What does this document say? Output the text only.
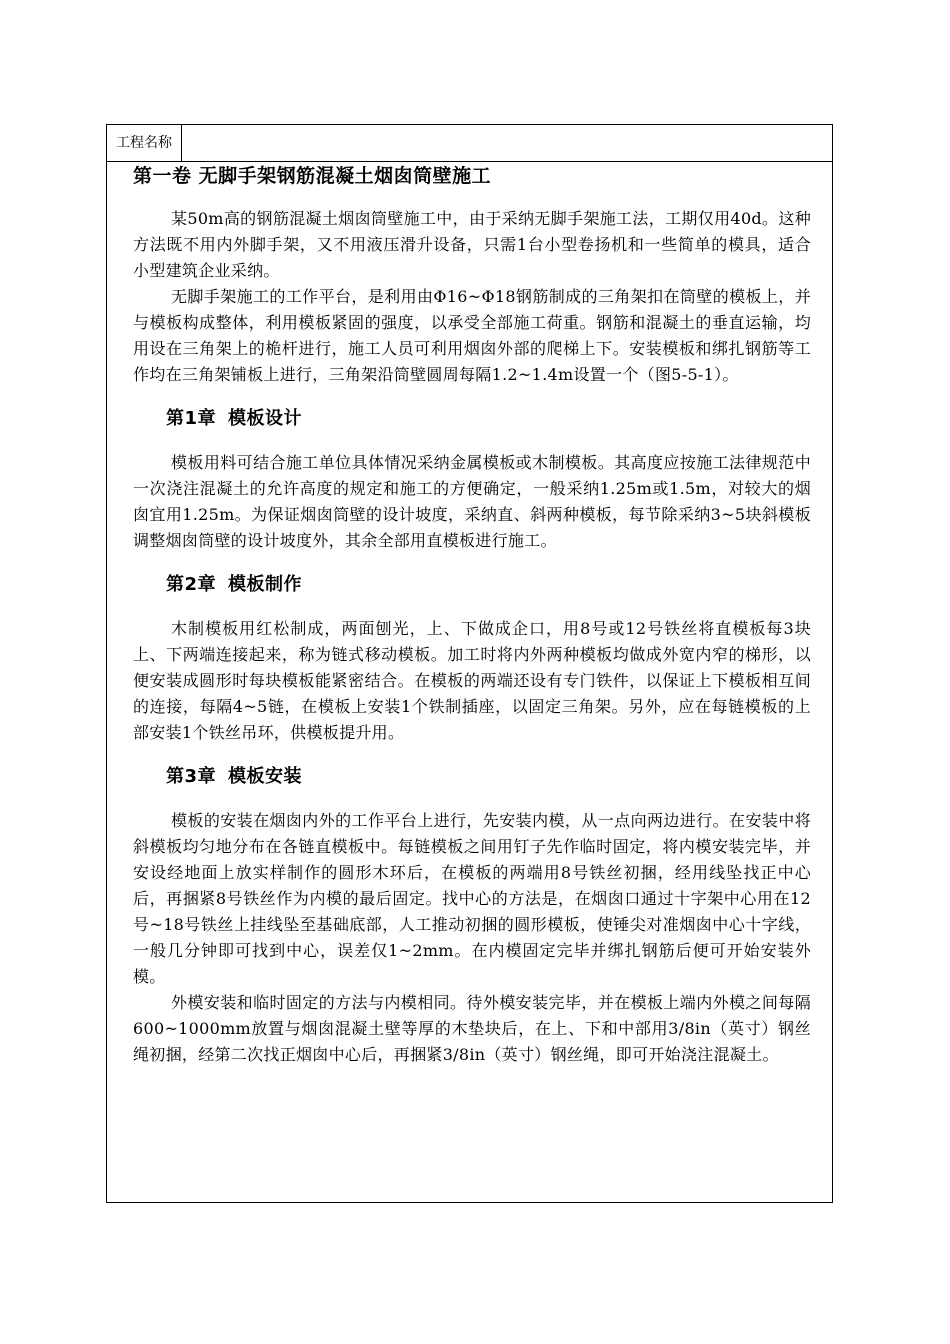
工程名称
第一卷 无脚手架钢筋混凝土烟囱筒壁施工

某50m高的钢筋混凝土烟囱筒壁施工中，由于采纳无脚手架施工法，工期仅用40d。这种方法既不用内外脚手架，又不用液压滑升设备，只需1台小型卷扬机和一些简单的模具，适合小型建筑企业采纳。

无脚手架施工的工作平台，是利用由Φ16~Φ18钢筋制成的三角架扣在筒壁的模板上，并与模板构成整体，利用模板紧固的强度，以承受全部施工荷重。钢筋和混凝土的垂直运输，均用设在三角架上的桅杆进行，施工人员可利用烟囱外部的爬梯上下。安装模板和绑扎钢筋等工作均在三角架铺板上进行，三角架沿筒壁圆周每隔1.2~1.4m设置一个（图5-5-1）。

第1章 模板设计

模板用料可结合施工单位具体情况采纳金属模板或木制模板。其高度应按施工法律规范中一次浇注混凝土的允许高度的规定和施工的方便确定，一般采纳1.25m或1.5m，对较大的烟囱宜用1.25m。为保证烟囱筒壁的设计坡度，采纳直、斜两种模板，每节除采纳3~5块斜模板调整烟囱筒壁的设计坡度外，其余全部用直模板进行施工。

第2章 模板制作

木制模板用红松制成，两面刨光，上、下做成企口，用8号或12号铁丝将直模板每3块上、下两端连接起来，称为链式移动模板。加工时将内外两种模板均做成外宽内窄的梯形，以便安装成圆形时每块模板能紧密结合。在模板的两端还设有专门铁件，以保证上下模板相互间的连接，每隔4~5链，在模板上安装1个铁制插座，以固定三角架。另外，应在每链模板的上部安装1个铁丝吊环，供模板提升用。

第3章 模板安装

模板的安装在烟囱内外的工作平台上进行，先安装内模，从一点向两边进行。在安装中将斜模板均匀地分布在各链直模板中。每链模板之间用钉子先作临时固定，将内模安装完毕，并安设经地面上放实样制作的圆形木环后，在模板的两端用8号铁丝初捆，经用线坠找正中心后，再捆紧8号铁丝作为内模的最后固定。找中心的方法是，在烟囱口通过十字架中心用在12号~18号铁丝上挂线坠至基础底部，人工推动初捆的圆形模板，使锤尖对准烟囱中心十字线，一般几分钟即可找到中心，误差仅1~2mm。在内模固定完毕并绑扎钢筋后便可开始安装外模。

外模安装和临时固定的方法与内模相同。待外模安装完毕，并在模板上端内外模之间每隔600~1000mm放置与烟囱混凝土壁等厚的木垫块后，在上、下和中部用3/8in（英寸）钢丝绳初捆，经第二次找正烟囱中心后，再捆紧3/8in（英寸）钢丝绳，即可开始浇注混凝土。
